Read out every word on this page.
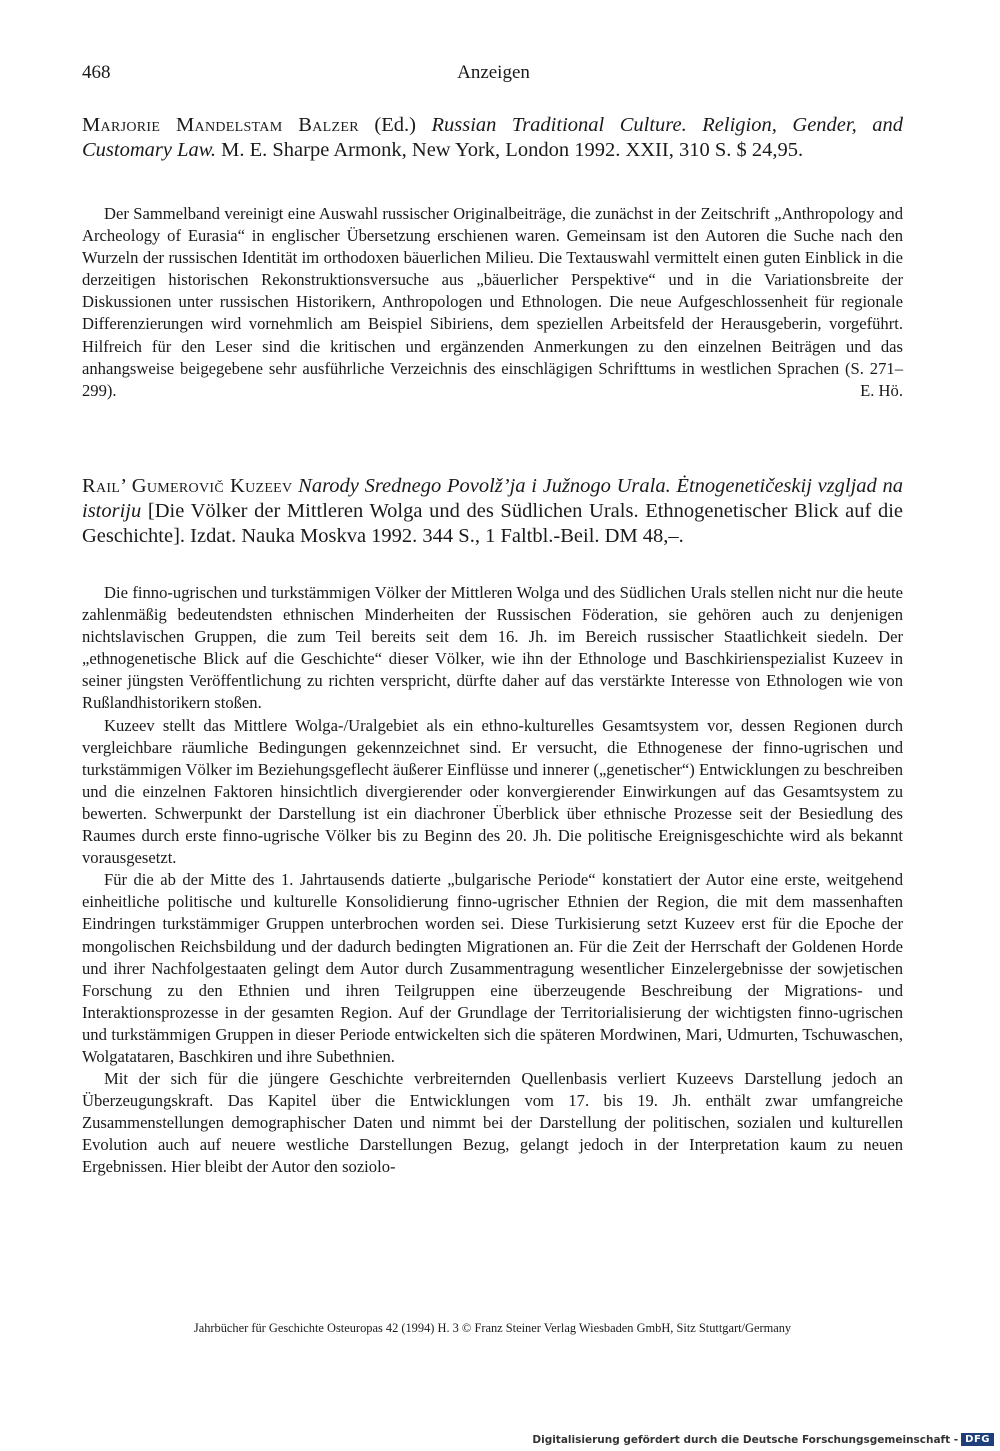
468	Anzeigen
Marjorie Mandelstam Balzer (Ed.) Russian Traditional Culture. Religion, Gender, and Customary Law. M. E. Sharpe Armonk, New York, London 1992. XXII, 310 S. $ 24,95.

Der Sammelband vereinigt eine Auswahl russischer Originalbeiträge, die zunächst in der Zeitschrift „Anthropology and Archeology of Eurasia“ in englischer Übersetzung erschienen waren. Gemeinsam ist den Autoren die Suche nach den Wurzeln der russischen Identität im orthodoxen bäuerlichen Milieu. Die Textauswahl vermittelt einen guten Einblick in die derzeitigen historischen Rekonstruktionsversuche aus „bäuerlicher Perspektive“ und in die Variationsbreite der Diskussionen unter russischen Historikern, Anthropologen und Ethnologen. Die neue Aufgeschlossenheit für regionale Differenzierungen wird vornehmlich am Beispiel Sibiriens, dem speziellen Arbeitsfeld der Herausgeberin, vorgeführt. Hilfreich für den Leser sind die kritischen und ergänzenden Anmerkungen zu den einzelnen Beiträgen und das anhangsweise beigegebene sehr ausführliche Verzeichnis des einschlägigen Schrifttums in westlichen Sprachen (S. 271–299).	E. Hö.

Rail’ Gumerovič Kuzeev Narody Srednego Povolž’ja i Južnogo Urala. Ėtnogenetičeskij vzgljad na istoriju [Die Völker der Mittleren Wolga und des Südlichen Urals. Ethnogenetischer Blick auf die Geschichte]. Izdat. Nauka Moskva 1992. 344 S., 1 Faltbl.-Beil. DM 48,–.

Die finno-ugrischen und turkstämmigen Völker der Mittleren Wolga und des Südlichen Urals stellen nicht nur die heute zahlenmäßig bedeutendsten ethnischen Minderheiten der Russischen Föderation, sie gehören auch zu denjenigen nichtslavischen Gruppen, die zum Teil bereits seit dem 16. Jh. im Bereich russischer Staatlichkeit siedeln. Der „ethnogenetische Blick auf die Geschichte“ dieser Völker, wie ihn der Ethnologe und Baschkirienspezialist Kuzeev in seiner jüngsten Veröffentlichung zu richten verspricht, dürfte daher auf das verstärkte Interesse von Ethnologen wie von Rußlandhistorikern stoßen.

Kuzeev stellt das Mittlere Wolga-/Uralgebiet als ein ethno-kulturelles Gesamtsystem vor, dessen Regionen durch vergleichbare räumliche Bedingungen gekennzeichnet sind. Er versucht, die Ethnogenese der finno-ugrischen und turkstämmigen Völker im Beziehungsgeflecht äußerer Einflüsse und innerer („genetischer“) Entwicklungen zu beschreiben und die einzelnen Faktoren hinsichtlich divergierender oder konvergierender Einwirkungen auf das Gesamtsystem zu bewerten. Schwerpunkt der Darstellung ist ein diachroner Überblick über ethnische Prozesse seit der Besiedlung des Raumes durch erste finno-ugrische Völker bis zu Beginn des 20. Jh. Die politische Ereignisgeschichte wird als bekannt vorausgesetzt.

Für die ab der Mitte des 1. Jahrtausends datierte „bulgarische Periode“ konstatiert der Autor eine erste, weitgehend einheitliche politische und kulturelle Konsolidierung finno-ugrischer Ethnien der Region, die mit dem massenhaften Eindringen turkstämmiger Gruppen unterbrochen worden sei. Diese Turkisierung setzt Kuzeev erst für die Epoche der mongolischen Reichsbildung und der dadurch bedingten Migrationen an. Für die Zeit der Herrschaft der Goldenen Horde und ihrer Nachfolgestaaten gelingt dem Autor durch Zusammentragung wesentlicher Einzelergebnisse der sowjetischen Forschung zu den Ethnien und ihren Teilgruppen eine überzeugende Beschreibung der Migrations- und Interaktionsprozesse in der gesamten Region. Auf der Grundlage der Territorialisierung der wichtigsten finno-ugrischen und turkstämmigen Gruppen in dieser Periode entwickelten sich die späteren Mordwinen, Mari, Udmurten, Tschuwaschen, Wolgatataren, Baschkiren und ihre Subethnien.

Mit der sich für die jüngere Geschichte verbreiternden Quellenbasis verliert Kuzeevs Darstellung jedoch an Überzeugungskraft. Das Kapitel über die Entwicklungen vom 17. bis 19. Jh. enthält zwar umfangreiche Zusammenstellungen demographischer Daten und nimmt bei der Darstellung der politischen, sozialen und kulturellen Evolution auch auf neuere westliche Darstellungen Bezug, gelangt jedoch in der Interpretation kaum zu neuen Ergebnissen. Hier bleibt der Autor den soziolo-

Jahrbücher für Geschichte Osteuropas 42 (1994) H. 3 © Franz Steiner Verlag Wiesbaden GmbH, Sitz Stuttgart/Germany
Digitalisierung gefördert durch die Deutsche Forschungsgemeinschaft - DFG
